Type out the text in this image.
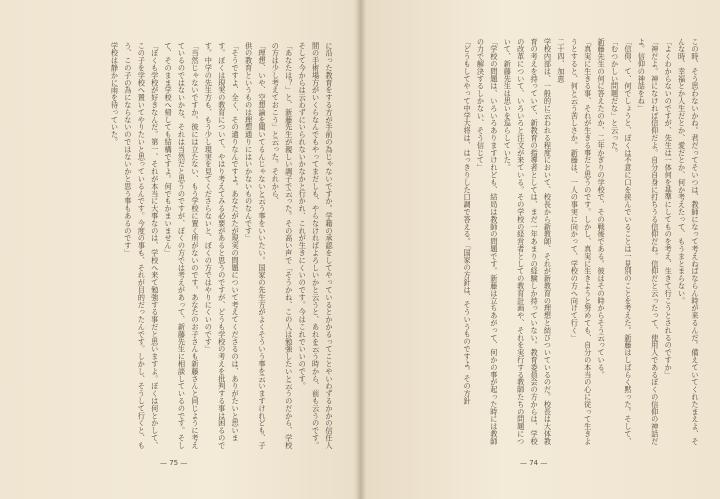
に沿った教育をする方が手前の為じゃないですか。学籍の承認をしてやっているとかかるってことやいわずるかかの信任人間の手術場方がいくらなんでもやってまだしも、やらなければよろしいかと云うと、あれを云う時から、前も云うのです。そして今からは云わずにいられないかなかと行かれ、これが生きにくいのです。今はこれでいいのです。
「あなたは？」と、新藤先生が親しい調子で云った。その高い声で「そうかね、この人は勉強したいと云うのだから、学校の方は少し考えておこう」と云った。それから、
「理想、いや、空想論を聞いてるんじゃないと云う事をいいたい。国家の先生方がよくそういう事を云いますけれども、子供の教育というものは理想通りにはいかないものなんです」
「そうですよ、全く、その通りなんですよ。あなたがたが現実の問題について考えてくださるのは、ありがたいと思います。ぼくは現実の教育について、やはり考えてみる必要があると思うのですが、どうも学校の考えを批判する事は困るのです。中学の先生方も、もう少し現実を見てくださらないと、ぼくの方ではやりにくいのです」
「当然じゃないですか。彼には立たない、もう学校に置く所がないのです。あなたのお子さんも新藤さんと同じように考えているのではないかな、それは当然だと思うのですが、ぼくの方では考えがあって、新藤先生に相談しているのです。そして、そのまま学校へ帰しても結構ですよ。何でもかまいません」
「ぼくも学校が好きなんだ。第一、それが本当に大事なのは、学校へ来て勉強する事だと思いますよ。ぼくは何とかして、この子を学校へ置いてやりたいと思っているんです。今度の事も、それが目的だったんです。しかし、そうして行くと、もう、この子の為にならないのではないかと思う事もあるのです」
学校は静かに雨を待っていた。
— 75 —
この時、そう思わないかね。君だってそいつは、教師になって考えねばならん時が来るんだ。備えていてくれたまえよ、そんな時、幸福とか人生だとか、愛だとか、何か考えたって、もうまとまらない。
「よくわからないのですが、先生は一体何を基準にしてものを考え、生きて行こうとされるのですか」
「神だよ。神になければ信仰だよ。自分自身に打ちうる信仰だね。信仰だと云ったって、使用人であるぼくの信仰の神話だよ。信仰の神話をね」
「信仰、て、何でしょうと、ぼくは不意に口を挟んでいることは一見別のことを考えた。新藤はしばらく黙った。そして、
「むつかしい問題だな」と云った。
新藤先生の何に答えたのか、二年かぎりの学校で、その戦後である。彼はその時からそう云っている。
「真実に生きる事、それが生きる事だと思うのです。しかし、真実に生きようと努めても、自分の本当の心に従って生きようとすると、何と云う苦しさか。新藤は、一人の事実に向かって、学校の方へ向けて行く」
二十四、加恵
学校内部は、一般的に云われる程度において、校長から新教師、それが新教育の理想と結びついているのだ。校長は大体教育の考えを持っていて、新教育の指導者としては、まだ一年あまりの経験しか持っていない。教育委員会の方からは、学校の改革について、いろいろと注文が来ている。その学校の経営者としての教育計画や、それを実行する教師たちの問題について、新藤先生は思いを巡らしていた。
「学校の問題は、いろいろありますけれども、結局は教師の問題です。新藤は立ちあがって、何かの事が起った時には教師の力で解決するしかない、そう信じて」
「どうもしてやって中学大将は、はっきりした口調で答える。「国家の方針は、そういうものですよ。その方針
— 74 —
